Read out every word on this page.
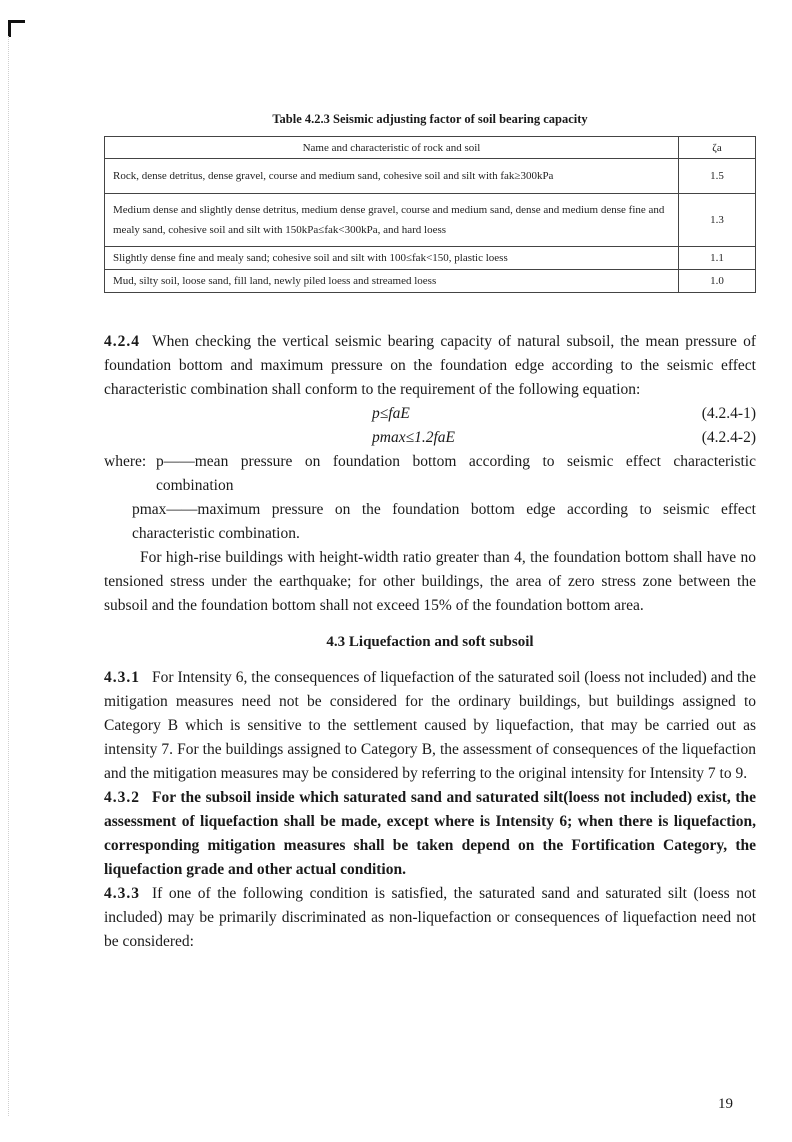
Table 4.2.3 Seismic adjusting factor of soil bearing capacity
Name and characteristic of rock and soil	ζa
Rock, dense detritus, dense gravel, course and medium sand, cohesive soil and silt with fak≥300kPa	1.5
Medium dense and slightly dense detritus, medium dense gravel, course and medium sand, dense and medium dense fine and mealy sand, cohesive soil and silt with 150kPa≤fak<300kPa, and hard loess	1.3
Slightly dense fine and mealy sand; cohesive soil and silt with 100≤fak<150, plastic loess	1.1
Mud, silty soil, loose sand, fill land, newly piled loess and streamed loess	1.0

4.2.4 When checking the vertical seismic bearing capacity of natural subsoil, the mean pressure of foundation bottom and maximum pressure on the foundation edge according to the seismic effect characteristic combination shall conform to the requirement of the following equation:

p≤faE	(4.2.4-1)
pmax≤1.2faE	(4.2.4-2)
where: p——mean pressure on foundation bottom according to seismic effect characteristic combination

pmax——maximum pressure on the foundation bottom edge according to seismic effect characteristic combination.

For high-rise buildings with height-width ratio greater than 4, the foundation bottom shall have no tensioned stress under the earthquake; for other buildings, the area of zero stress zone between the subsoil and the foundation bottom shall not exceed 15% of the foundation bottom area.

4.3 Liquefaction and soft subsoil

4.3.1 For Intensity 6, the consequences of liquefaction of the saturated soil (loess not included) and the mitigation measures need not be considered for the ordinary buildings, but buildings assigned to Category B which is sensitive to the settlement caused by liquefaction, that may be carried out as intensity 7. For the buildings assigned to Category B, the assessment of consequences of the liquefaction and the mitigation measures may be considered by referring to the original intensity for Intensity 7 to 9.

4.3.2 For the subsoil inside which saturated sand and saturated silt(loess not included) exist, the assessment of liquefaction shall be made, except where is Intensity 6; when there is liquefaction, corresponding mitigation measures shall be taken depend on the Fortification Category, the liquefaction grade and other actual condition.

4.3.3 If one of the following condition is satisfied, the saturated sand and saturated silt (loess not included) may be primarily discriminated as non-liquefaction or consequences of liquefaction need not be considered:

19
